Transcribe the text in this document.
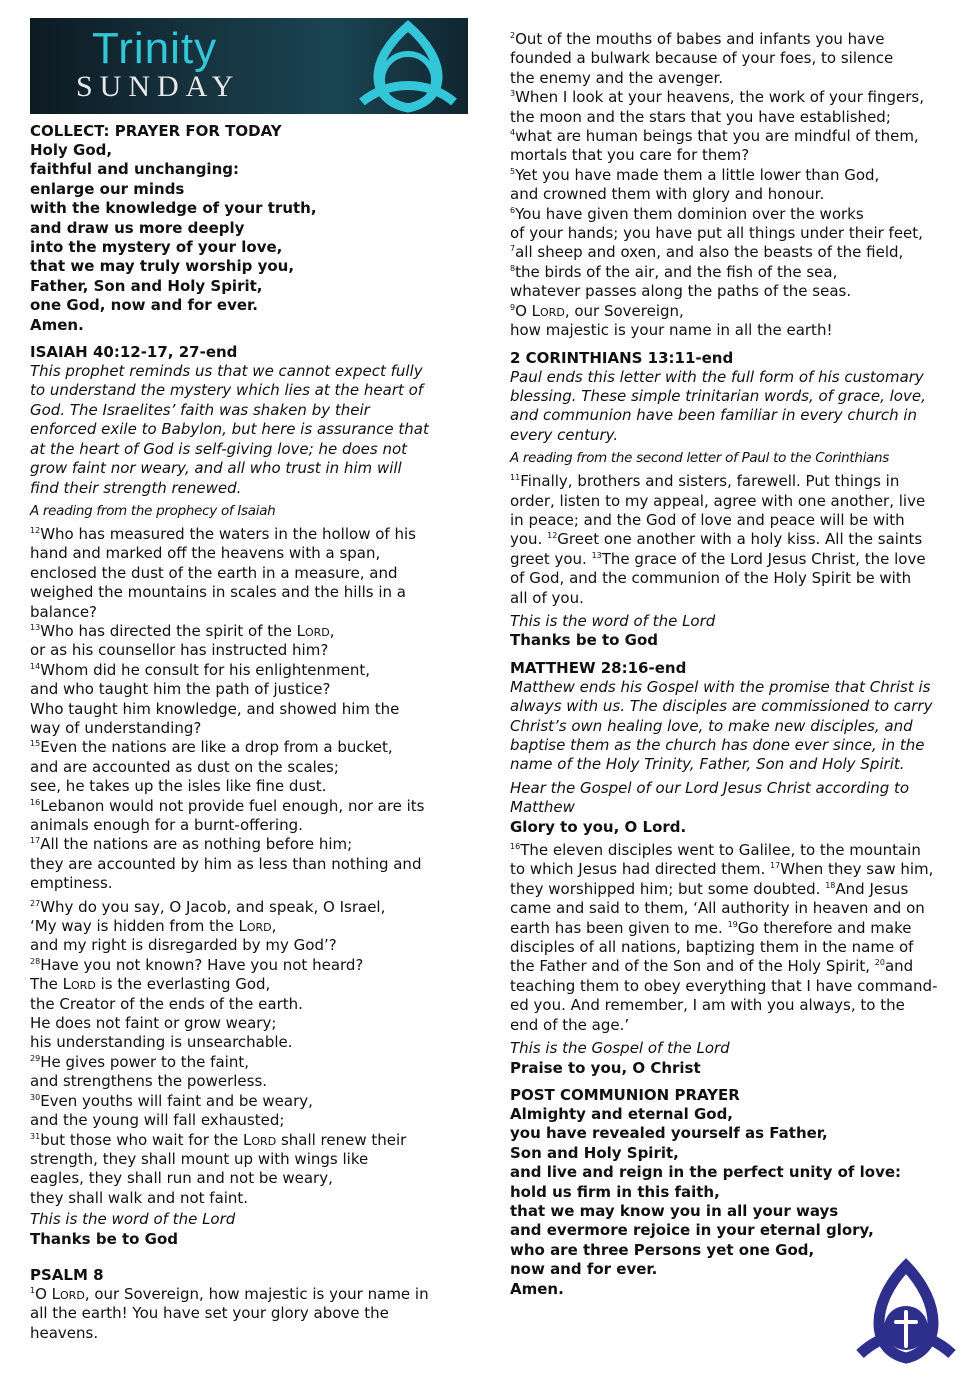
Trinity
SUNDAY
COLLECT: PRAYER FOR TODAY
Holy God,
faithful and unchanging:
enlarge our minds
with the knowledge of your truth,
and draw us more deeply
into the mystery of your love,
that we may truly worship you,
Father, Son and Holy Spirit,
one God, now and for ever.
Amen.
ISAIAH 40:12-17, 27-end
This prophet reminds us that we cannot expect fully
to understand the mystery which lies at the heart of
God. The Israelites’ faith was shaken by their
enforced exile to Babylon, but here is assurance that
at the heart of God is self-giving love; he does not
grow faint nor weary, and all who trust in him will
find their strength renewed.
A reading from the prophecy of Isaiah
$^{12}$Who has measured the waters in the hollow of his
hand and marked off the heavens with a span,
enclosed the dust of the earth in a measure, and
weighed the mountains in scales and the hills in a
balance?
$^{13}$Who has directed the spirit of the Lord,
or as his counsellor has instructed him?
$^{14}$Whom did he consult for his enlightenment,
and who taught him the path of justice?
Who taught him knowledge, and showed him the
way of understanding?
$^{15}$Even the nations are like a drop from a bucket,
and are accounted as dust on the scales;
see, he takes up the isles like fine dust.
$^{16}$Lebanon would not provide fuel enough, nor are its
animals enough for a burnt-offering.
$^{17}$All the nations are as nothing before him;
they are accounted by him as less than nothing and
emptiness.
$^{27}$Why do you say, O Jacob, and speak, O Israel,
‘My way is hidden from the Lord,
and my right is disregarded by my God’?
$^{28}$Have you not known? Have you not heard?
The Lord is the everlasting God,
the Creator of the ends of the earth.
He does not faint or grow weary;
his understanding is unsearchable.
$^{29}$He gives power to the faint,
and strengthens the powerless.
$^{30}$Even youths will faint and be weary,
and the young will fall exhausted;
$^{31}$but those who wait for the Lord shall renew their
strength, they shall mount up with wings like
eagles, they shall run and not be weary,
they shall walk and not faint.
This is the word of the Lord
Thanks be to God
PSALM 8
$^1$O Lord, our Sovereign, how majestic is your name in
all the earth! You have set your glory above the
heavens.
$^2$Out of the mouths of babes and infants you have
founded a bulwark because of your foes, to silence
the enemy and the avenger.
$^3$When I look at your heavens, the work of your fingers,
the moon and the stars that you have established;
$^4$what are human beings that you are mindful of them,
mortals that you care for them?
$^5$Yet you have made them a little lower than God,
and crowned them with glory and honour.
$^6$You have given them dominion over the works
of your hands; you have put all things under their feet,
$^7$all sheep and oxen, and also the beasts of the field,
$^8$the birds of the air, and the fish of the sea,
whatever passes along the paths of the seas.
$^9$O Lord, our Sovereign,
how majestic is your name in all the earth!
2 CORINTHIANS 13:11-end
Paul ends this letter with the full form of his customary
blessing. These simple trinitarian words, of grace, love,
and communion have been familiar in every church in
every century.
A reading from the second letter of Paul to the Corinthians
$^{11}$Finally, brothers and sisters, farewell. Put things in
order, listen to my appeal, agree with one another, live
in peace; and the God of love and peace will be with
you. $^{12}$Greet one another with a holy kiss. All the saints
greet you. $^{13}$The grace of the Lord Jesus Christ, the love
of God, and the communion of the Holy Spirit be with
all of you.
This is the word of the Lord
Thanks be to God
MATTHEW 28:16-end
Matthew ends his Gospel with the promise that Christ is
always with us. The disciples are commissioned to carry
Christ’s own healing love, to make new disciples, and
baptise them as the church has done ever since, in the
name of the Holy Trinity, Father, Son and Holy Spirit.
Hear the Gospel of our Lord Jesus Christ according to
Matthew
Glory to you, O Lord.
$^{16}$The eleven disciples went to Galilee, to the mountain
to which Jesus had directed them. $^{17}$When they saw him,
they worshipped him; but some doubted. $^{18}$And Jesus
came and said to them, ‘All authority in heaven and on
earth has been given to me. $^{19}$Go therefore and make
disciples of all nations, baptizing them in the name of
the Father and of the Son and of the Holy Spirit, $^{20}$and
teaching them to obey everything that I have command-
ed you. And remember, I am with you always, to the
end of the age.’
This is the Gospel of the Lord
Praise to you, O Christ
POST COMMUNION PRAYER
Almighty and eternal God,
you have revealed yourself as Father,
Son and Holy Spirit,
and live and reign in the perfect unity of love:
hold us firm in this faith,
that we may know you in all your ways
and evermore rejoice in your eternal glory,
who are three Persons yet one God,
now and for ever.
Amen.
